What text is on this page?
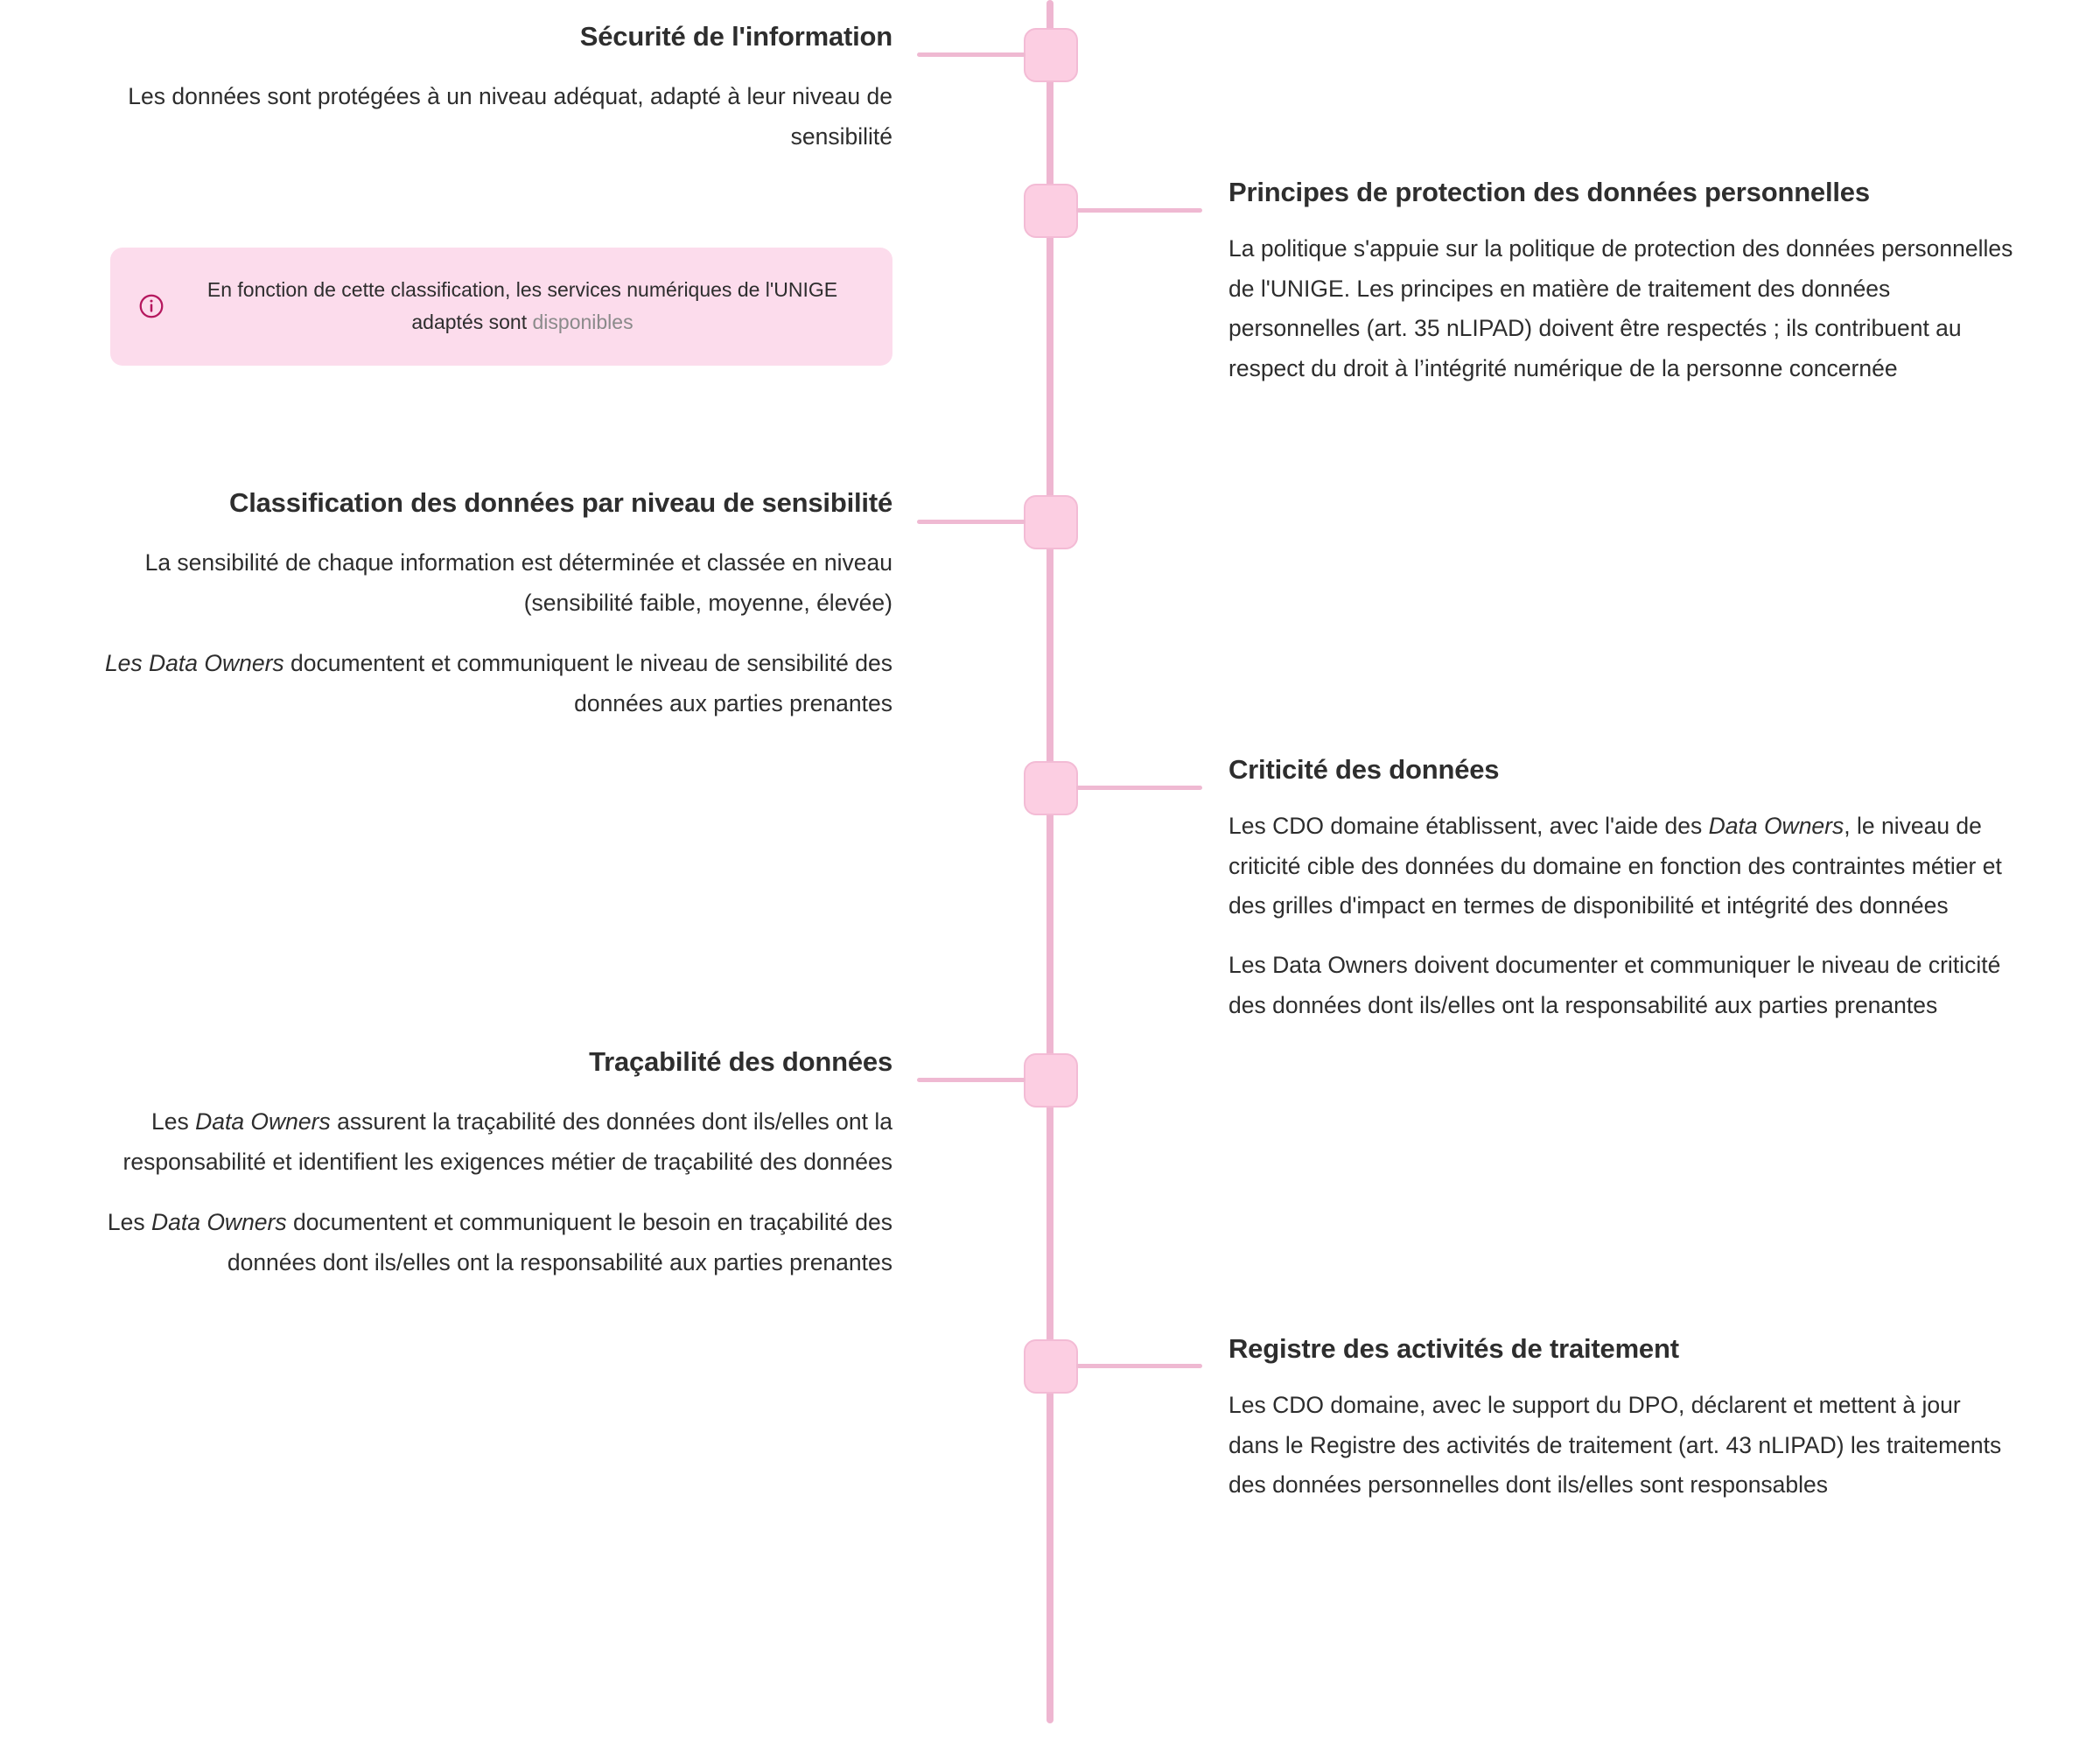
Sécurité de l'information

Les données sont protégées à un niveau adéquat, adapté à leur niveau de sensibilité

En fonction de cette classification, les services numériques de l'UNIGE adaptés sont disponibles
Principes de protection des données personnelles

La politique s'appuie sur la politique de protection des données personnelles de l'UNIGE. Les principes en matière de traitement des données personnelles (art. 35 nLIPAD) doivent être respectés ; ils contribuent au respect du droit à l’intégrité numérique de la personne concernée

Classification des données par niveau de sensibilité

La sensibilité de chaque information est déterminée et classée en niveau (sensibilité faible, moyenne, élevée)

Les Data Owners documentent et communiquent le niveau de sensibilité des données aux parties prenantes

Criticité des données

Les CDO domaine établissent, avec l'aide des Data Owners, le niveau de criticité cible des données du domaine en fonction des contraintes métier et des grilles d'impact en termes de disponibilité et intégrité des données

Les Data Owners doivent documenter et communiquer le niveau de criticité des données dont ils/elles ont la responsabilité aux parties prenantes

Traçabilité des données

Les Data Owners assurent la traçabilité des données dont ils/elles ont la responsabilité et identifient les exigences métier de traçabilité des données

Les Data Owners documentent et communiquent le besoin en traçabilité des données dont ils/elles ont la responsabilité aux parties prenantes

Registre des activités de traitement

Les CDO domaine, avec le support du DPO, déclarent et mettent à jour dans le Registre des activités de traitement (art. 43 nLIPAD) les traitements des données personnelles dont ils/elles sont responsables
